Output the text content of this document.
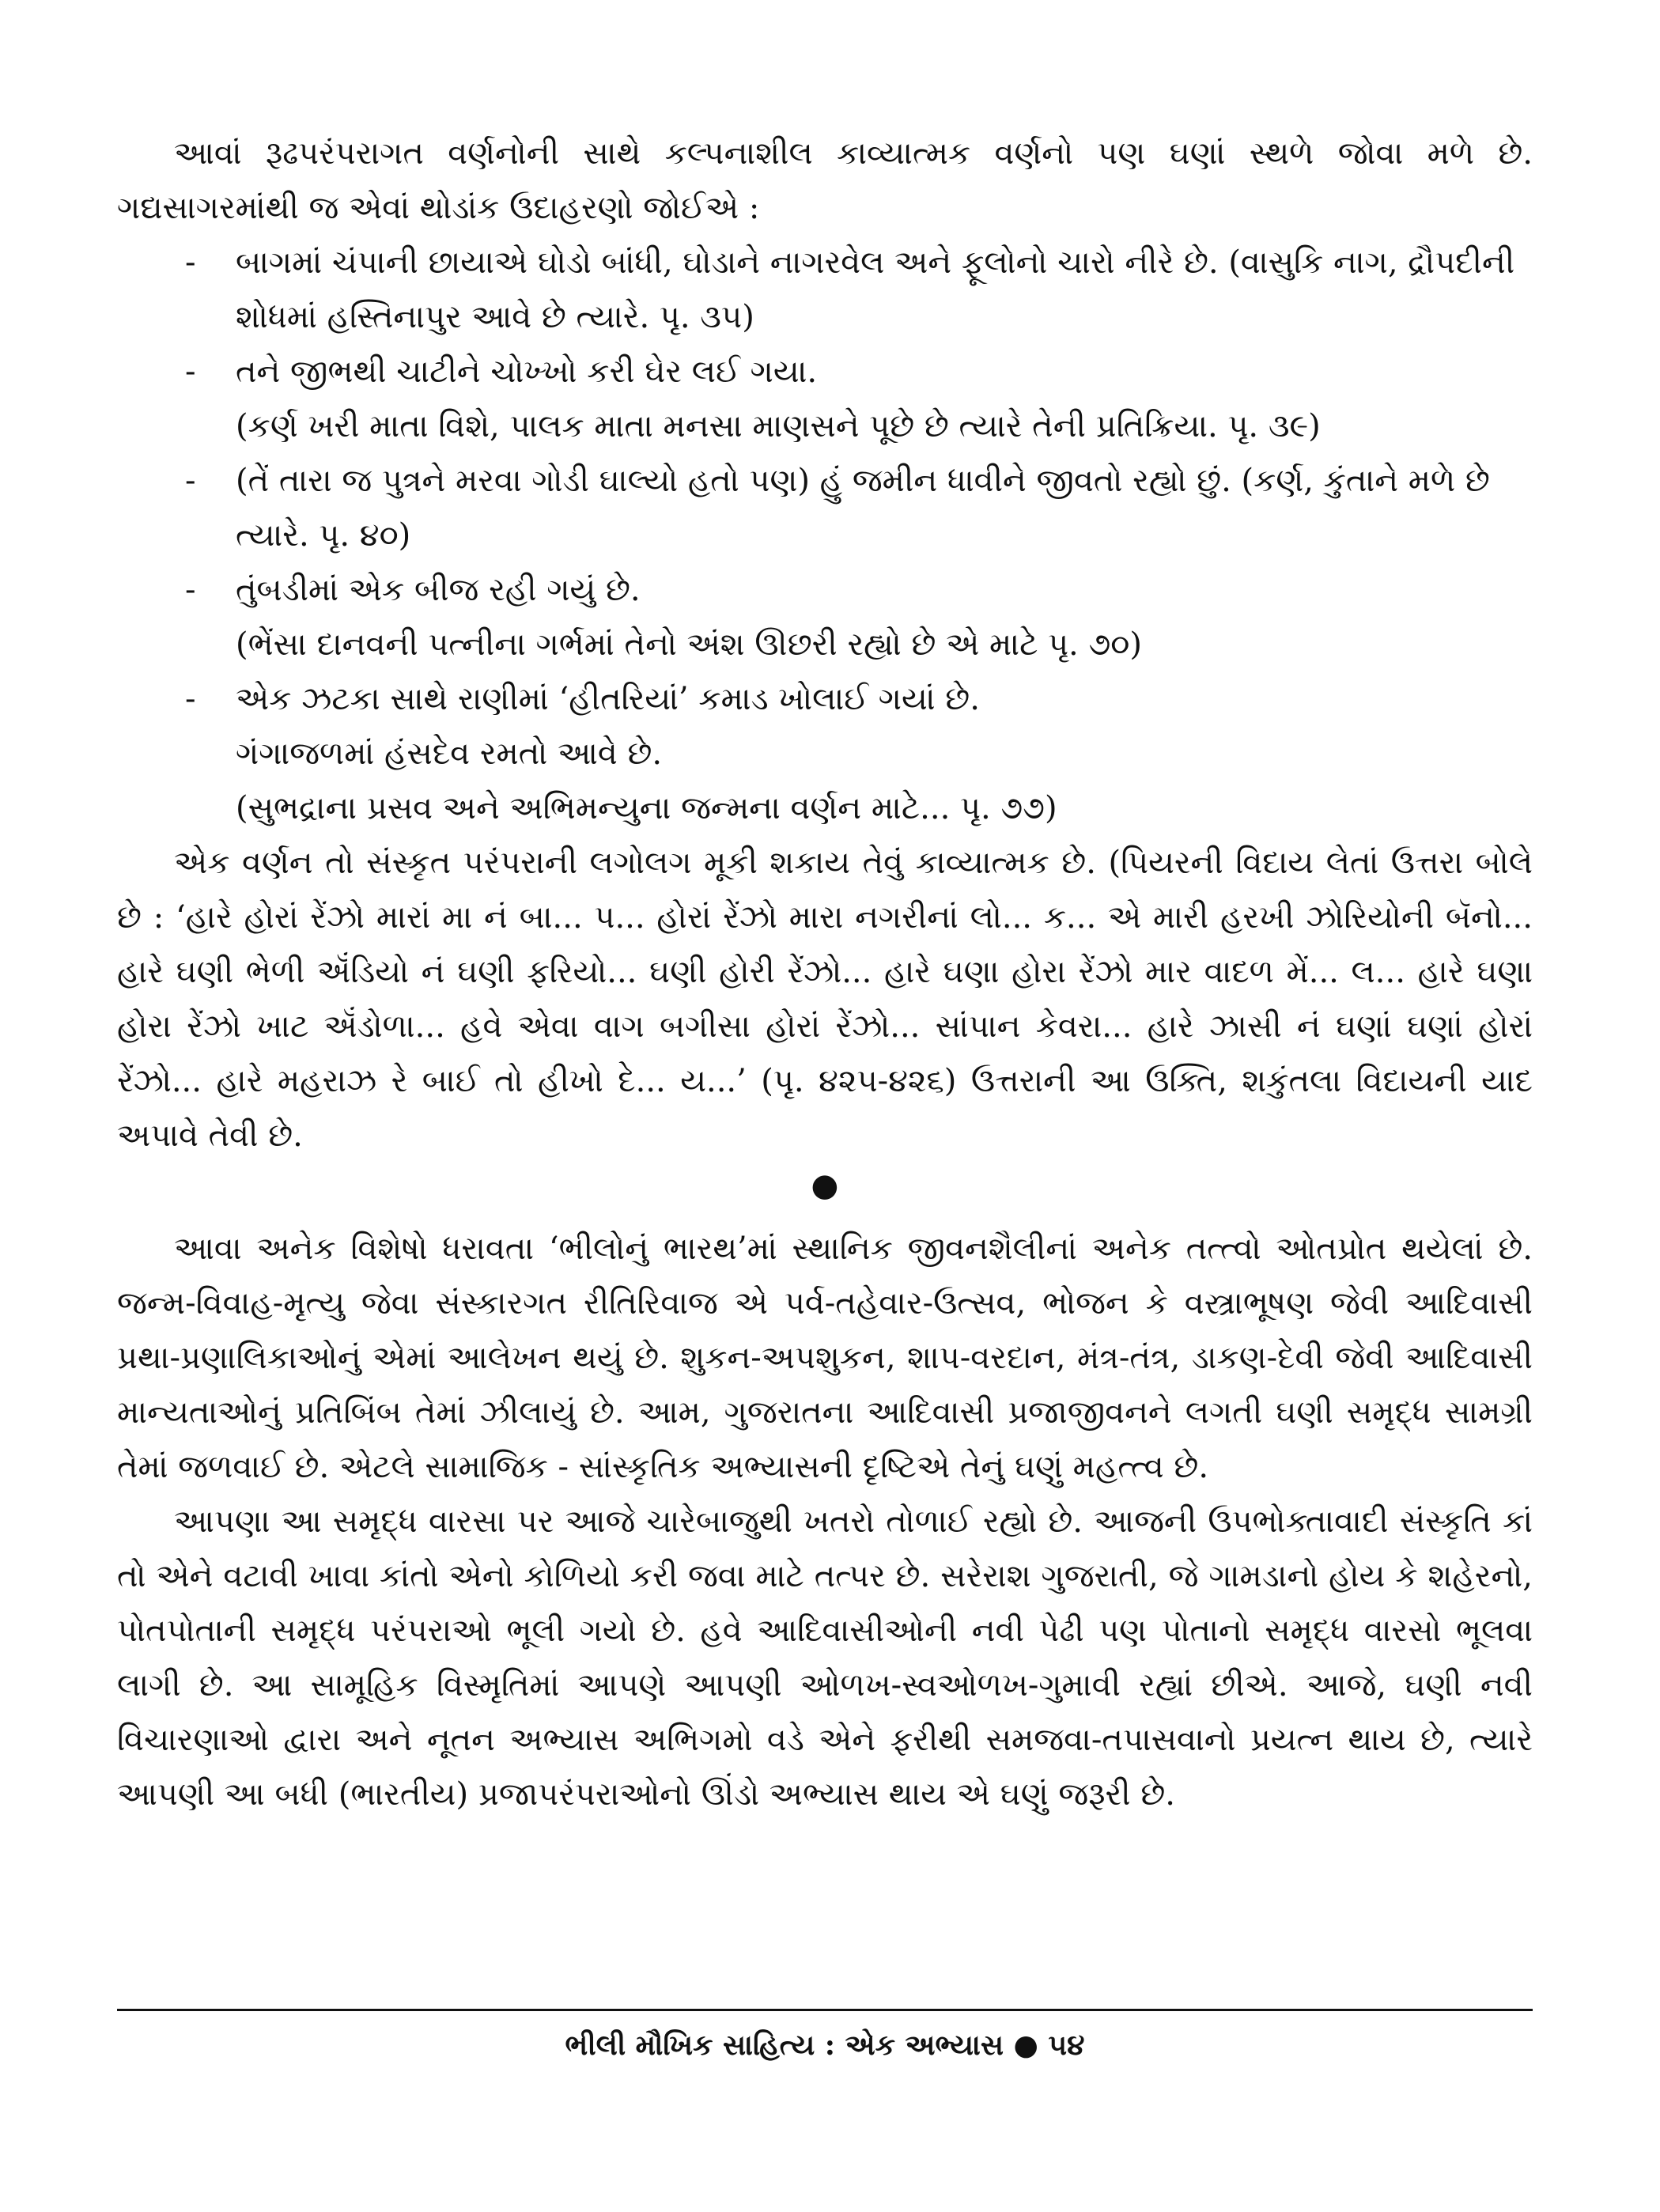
આવાં રૂઢપરંપરાગત વર્ણનોની સાથે કલ્પનાશીલ કાવ્યાત્મક વર્ણનો પણ ઘણાં સ્થળે જોવા મળે છે. ગદ્યસાગરમાંથી જ એવાં થોડાંક ઉદાહરણો જોઈએ :

- બાગમાં ચંપાની છાયાએ ઘોડો બાંધી, ઘોડાને નાગરવેલ અને ફૂલોનો ચારો નીરે છે. (વાસુકિ નાગ, દ્રૌપદીની શોધમાં હસ્તિનાપુર આવે છે ત્યારે. પૃ. ૩૫)
- તને જીભથી ચાટીને ચોખ્ખો કરી ઘેર લઈ ગયા.
(કર્ણ ખરી માતા વિશે, પાલક માતા મનસા માણસને પૂછે છે ત્યારે તેની પ્રતિક્રિયા. પૃ. ૩૯)
- (તેં તારા જ પુત્રને મરવા ગોડી ઘાલ્યો હતો પણ) હું જમીન ધાવીને જીવતો રહ્યો છું. (કર્ણ, કુંતાને મળે છે ત્યારે. પૃ. ૪૦)
- તુંબડીમાં એક બીજ રહી ગયું છે.
(ભેંસા દાનવની પત્નીના ગર્ભમાં તેનો અંશ ઊછરી રહ્યો છે એ માટે પૃ. ૭૦)
- એક ઝટકા સાથે રાણીમાં ‘હીતરિયાં’ કમાડ ખોલાઈ ગયાં છે.
ગંગાજળમાં હંસદેવ રમતો આવે છે.
(સુભદ્રાના પ્રસવ અને અભિમન્યુના જન્મના વર્ણન માટે... પૃ. ૭૭)

એક વર્ણન તો સંસ્કૃત પરંપરાની લગોલગ મૂકી શકાય તેવું કાવ્યાત્મક છે. (પિયરની વિદાય લેતાં ઉત્તરા બોલે છે : ‘હારે હોરાં રેંઝો મારાં મા નં બા... પ... હોરાં રેંઝો મારા નગરીનાં લો... ક... એ મારી હરખી ઝોરિયોની બૅનો... હારે ઘણી ભેળી ઍંડિયો નં ઘણી ફરિયો... ઘણી હોરી રેંઝો... હારે ઘણા હોરા રેંઝો માર વાદળ મેં... લ... હારે ઘણા હોરા રેંઝો ખાટ ઍંડોળા... હવે એવા વાગ બગીસા હોરાં રેંઝો... સાંપાન કેવરા... હારે ઝાસી નં ઘણાં ઘણાં હોરાં રેંઝો... હારે મહરાઝ રે બાઈ તો હીખો દે... ય...’ (પૃ. ૪૨૫-૪૨૬) ઉત્તરાની આ ઉક્તિ, શકુંતલા વિદાયની યાદ અપાવે તેવી છે.

●

આવા અનેક વિશેષો ધરાવતા ‘ભીલોનું ભારથ’માં સ્થાનિક જીવનશૈલીનાં અનેક તત્ત્વો ઓતપ્રોત થયેલાં છે. જન્મ-વિવાહ-મૃત્યુ જેવા સંસ્કારગત રીતિરિવાજ એ પર્વ-તહેવાર-ઉત્સવ, ભોજન કે વસ્ત્રાભૂષણ જેવી આદિવાસી પ્રથા-પ્રણાલિકાઓનું એમાં આલેખન થયું છે. શુકન-અપશુકન, શાપ-વરદાન, મંત્ર-તંત્ર, ડાકણ-દેવી જેવી આદિવાસી માન્યતાઓનું પ્રતિબિંબ તેમાં ઝીલાયું છે. આમ, ગુજરાતના આદિવાસી પ્રજાજીવનને લગતી ઘણી સમૃદ્ધ સામગ્રી તેમાં જળવાઈ છે. એટલે સામાજિક - સાંસ્કૃતિક અભ્યાસની દૃષ્ટિએ તેનું ઘણું મહત્ત્વ છે.

આપણા આ સમૃદ્ધ વારસા પર આજે ચારેબાજુથી ખતરો તોળાઈ રહ્યો છે. આજની ઉપભોક્તાવાદી સંસ્કૃતિ કાં તો એને વટાવી ખાવા કાંતો એનો કોળિયો કરી જવા માટે તત્પર છે. સરેરાશ ગુજરાતી, જે ગામડાનો હોય કે શહેરનો, પોતપોતાની સમૃદ્ધ પરંપરાઓ ભૂલી ગયો છે. હવે આદિવાસીઓની નવી પેઢી પણ પોતાનો સમૃદ્ધ વારસો ભૂલવા લાગી છે. આ સામૂહિક વિસ્મૃતિમાં આપણે આપણી ઓળખ-સ્વઓળખ-ગુમાવી રહ્યાં છીએ. આજે, ઘણી નવી વિચારણાઓ દ્વારા અને નૂતન અભ્યાસ અભિગમો વડે એને ફરીથી સમજવા-તપાસવાનો પ્રયત્ન થાય છે, ત્યારે આપણી આ બધી (ભારતીય) પ્રજાપરંપરાઓનો ઊંડો અભ્યાસ થાય એ ઘણું જરૂરી છે.

ભીલી મૌખિક સાહિત્ય : એક અભ્યાસ ● ૫૪
